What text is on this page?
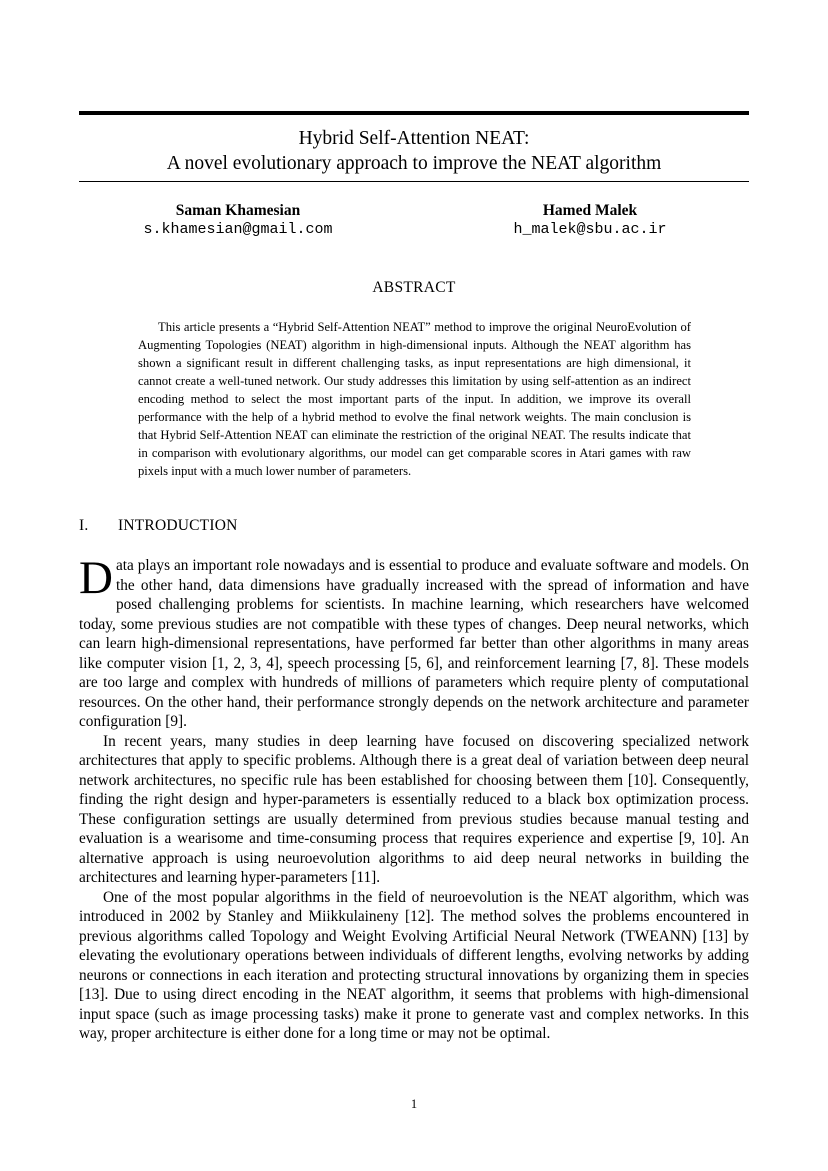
Hybrid Self-Attention NEAT:
A novel evolutionary approach to improve the NEAT algorithm
Saman Khamesian
s.khamesian@gmail.com
Hamed Malek
h_malek@sbu.ac.ir
ABSTRACT
This article presents a “Hybrid Self-Attention NEAT” method to improve the original NeuroEvolution of Augmenting Topologies (NEAT) algorithm in high-dimensional inputs. Although the NEAT algorithm has shown a significant result in different challenging tasks, as input representations are high dimensional, it cannot create a well-tuned network. Our study addresses this limitation by using self-attention as an indirect encoding method to select the most important parts of the input. In addition, we improve its overall performance with the help of a hybrid method to evolve the final network weights. The main conclusion is that Hybrid Self-Attention NEAT can eliminate the restriction of the original NEAT. The results indicate that in comparison with evolutionary algorithms, our model can get comparable scores in Atari games with raw pixels input with a much lower number of parameters.
I. INTRODUCTION

Data plays an important role nowadays and is essential to produce and evaluate software and models. On the other hand, data dimensions have gradually increased with the spread of information and have posed challenging problems for scientists. In machine learning, which researchers have welcomed today, some previous studies are not compatible with these types of changes. Deep neural networks, which can learn high-dimensional representations, have performed far better than other algorithms in many areas like computer vision [1, 2, 3, 4], speech processing [5, 6], and reinforcement learning [7, 8]. These models are too large and complex with hundreds of millions of parameters which require plenty of computational resources. On the other hand, their performance strongly depends on the network architecture and parameter configuration [9].

In recent years, many studies in deep learning have focused on discovering specialized network architectures that apply to specific problems. Although there is a great deal of variation between deep neural network architectures, no specific rule has been established for choosing between them [10]. Consequently, finding the right design and hyper-parameters is essentially reduced to a black box optimization process. These configuration settings are usually determined from previous studies because manual testing and evaluation is a wearisome and time-consuming process that requires experience and expertise [9, 10]. An alternative approach is using neuroevolution algorithms to aid deep neural networks in building the architectures and learning hyper-parameters [11].

One of the most popular algorithms in the field of neuroevolution is the NEAT algorithm, which was introduced in 2002 by Stanley and Miikkulaineny [12]. The method solves the problems encountered in previous algorithms called Topology and Weight Evolving Artificial Neural Network (TWEANN) [13] by elevating the evolutionary operations between individuals of different lengths, evolving networks by adding neurons or connections in each iteration and protecting structural innovations by organizing them in species [13]. Due to using direct encoding in the NEAT algorithm, it seems that problems with high-dimensional input space (such as image processing tasks) make it prone to generate vast and complex networks. In this way, proper architecture is either done for a long time or may not be optimal.

1
